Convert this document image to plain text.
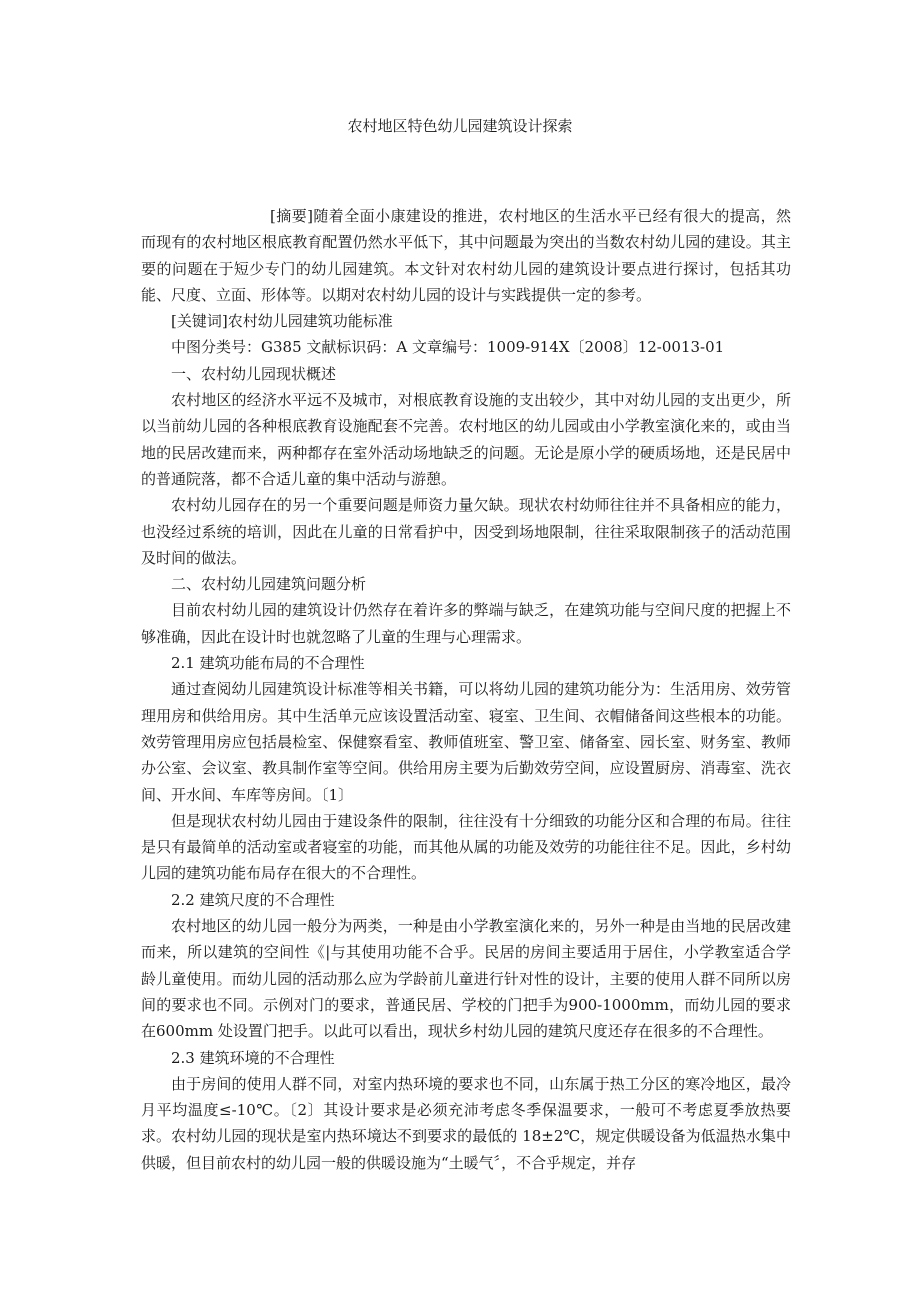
农村地区特色幼儿园建筑设计探索

[摘要]随着全面小康建设的推进，农村地区的生活水平已经有很大的提高，然而现有的农村地区根底教育配置仍然水平低下，其中问题最为突出的当数农村幼儿园的建设。其主要的问题在于短少专门的幼儿园建筑。本文针对农村幼儿园的建筑设计要点进行探讨，包括其功能、尺度、立面、形体等。以期对农村幼儿园的设计与实践提供一定的参考。

[关键词]农村幼儿园建筑功能标准

中图分类号：G385 文献标识码：A 文章编号：1009-914X〔2008〕12-0013-01

一、农村幼儿园现状概述

农村地区的经济水平远不及城市，对根底教育设施的支出较少，其中对幼儿园的支出更少，所以当前幼儿园的各种根底教育设施配套不完善。农村地区的幼儿园或由小学教室演化来的，或由当地的民居改建而来，两种都存在室外活动场地缺乏的问题。无论是原小学的硬质场地，还是民居中的普通院落，都不合适儿童的集中活动与游憩。

农村幼儿园存在的另一个重要问题是师资力量欠缺。现状农村幼师往往并不具备相应的能力，也没经过系统的培训，因此在儿童的日常看护中，因受到场地限制，往往采取限制孩子的活动范围及时间的做法。

二、农村幼儿园建筑问题分析

目前农村幼儿园的建筑设计仍然存在着许多的弊端与缺乏，在建筑功能与空间尺度的把握上不够准确，因此在设计时也就忽略了儿童的生理与心理需求。

2.1 建筑功能布局的不合理性

通过查阅幼儿园建筑设计标准等相关书籍，可以将幼儿园的建筑功能分为：生活用房、效劳管理用房和供给用房。其中生活单元应该设置活动室、寝室、卫生间、衣帽储备间这些根本的功能。效劳管理用房应包括晨检室、保健察看室、教师值班室、警卫室、储备室、园长室、财务室、教师办公室、会议室、教具制作室等空间。供给用房主要为后勤效劳空间，应设置厨房、消毒室、洗衣间、开水间、车库等房间。〔1〕

但是现状农村幼儿园由于建设条件的限制，往往没有十分细致的功能分区和合理的布局。往往是只有最简单的活动室或者寝室的功能，而其他从属的功能及效劳的功能往往不足。因此，乡村幼儿园的建筑功能布局存在很大的不合理性。

2.2 建筑尺度的不合理性

农村地区的幼儿园一般分为两类，一种是由小学教室演化来的，另外一种是由当地的民居改建而来，所以建筑的空间性《|与其使用功能不合乎。民居的房间主要适用于居住，小学教室适合学龄儿童使用。而幼儿园的活动那么应为学龄前儿童进行针对性的设计，主要的使用人群不同所以房间的要求也不同。示例对门的要求，普通民居、学校的门把手为900-1000mm，而幼儿园的要求在600mm 处设置门把手。以此可以看出，现状乡村幼儿园的建筑尺度还存在很多的不合理性。

2.3 建筑环境的不合理性

由于房间的使用人群不同，对室内热环境的要求也不同，山东属于热工分区的寒冷地区，最冷月平均温度≤-10℃。〔2〕其设计要求是必须充沛考虑冬季保温要求，一般可不考虑夏季放热要求。农村幼儿园的现状是室内热环境达不到要求的最低的 18±2℃，规定供暖设备为低温热水集中供暖，但目前农村的幼儿园一般的供暖设施为“土暖气〞，不合乎规定，并存
